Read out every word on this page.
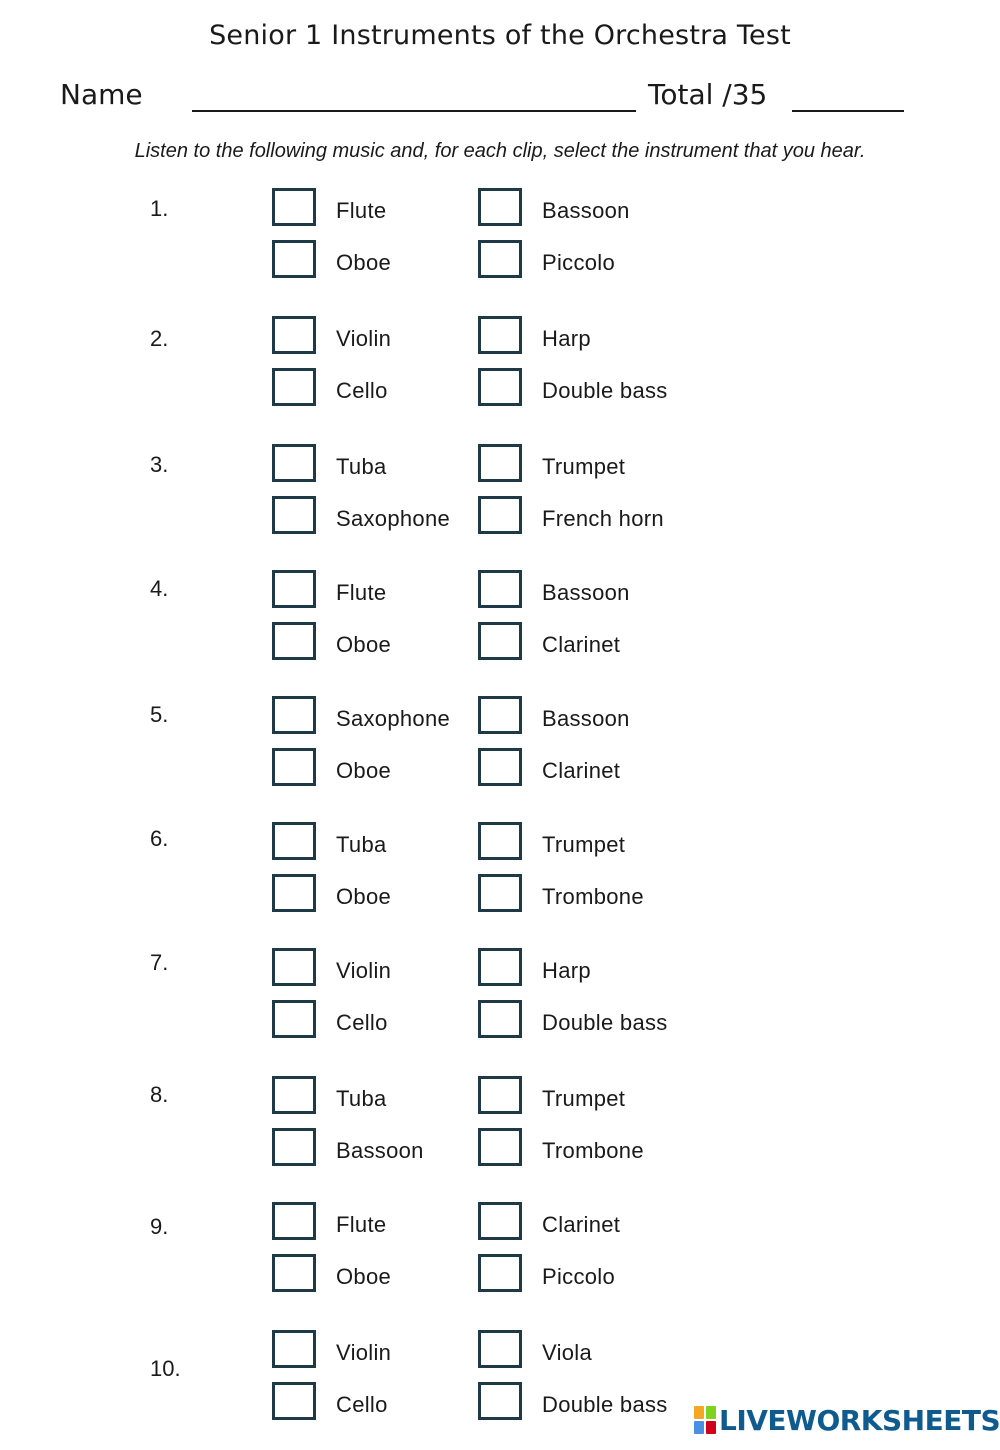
Senior 1 Instruments of the Orchestra Test
Name	Total /35
Listen to the following music and, for each clip, select the instrument that you hear.
1.	Flute	Bassoon
Oboe	Piccolo
2.	Violin	Harp
Cello	Double bass
3.	Tuba	Trumpet
Saxophone	French horn
4.	Flute	Bassoon
Oboe	Clarinet
5.	Saxophone	Bassoon
Oboe	Clarinet
6.	Tuba	Trumpet
Oboe	Trombone
7.	Violin	Harp
Cello	Double bass
8.	Tuba	Trumpet
Bassoon	Trombone
9.	Flute	Clarinet
Oboe	Piccolo
10.
Violin	Viola
Cello	Double bass LIVEWORKSHEETS
